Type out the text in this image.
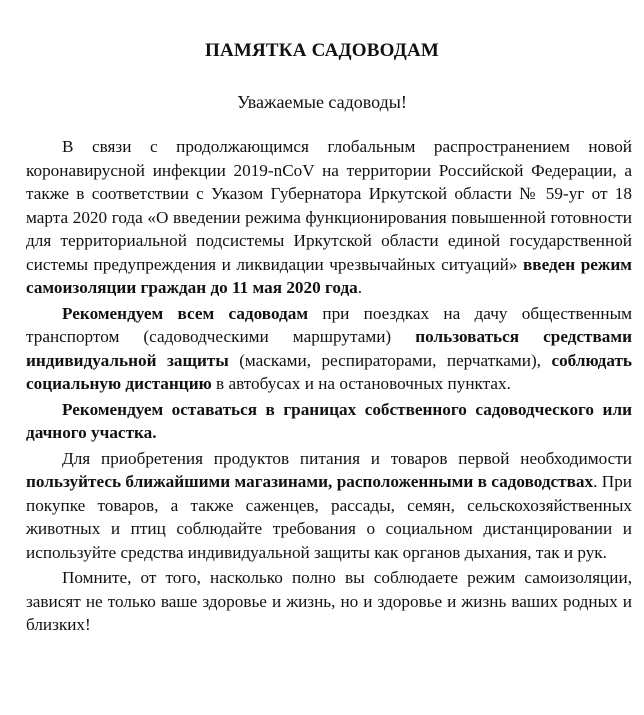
ПАМЯТКА САДОВОДАМ
Уважаемые садоводы!

В связи с продолжающимся глобальным распространением новой коронавирусной инфекции 2019-nCoV на территории Российской Федерации, а также в соответствии с Указом Губернатора Иркутской области № 59-уг от 18 марта 2020 года «О введении режима функционирования повышенной готовности для территориальной подсистемы Иркутской области единой государственной системы предупреждения и ликвидации чрезвычайных ситуаций» введен режим самоизоляции граждан до 11 мая 2020 года.

Рекомендуем всем садоводам при поездках на дачу общественным транспортом (садоводческими маршрутами) пользоваться средствами индивидуальной защиты (масками, респираторами, перчатками), соблюдать социальную дистанцию в автобусах и на остановочных пунктах.

Рекомендуем оставаться в границах собственного садоводческого или дачного участка.

Для приобретения продуктов питания и товаров первой необходимости пользуйтесь ближайшими магазинами, расположенными в садоводствах. При покупке товаров, а также саженцев, рассады, семян, сельскохозяйственных животных и птиц соблюдайте требования о социальном дистанцировании и используйте средства индивидуальной защиты как органов дыхания, так и рук.

Помните, от того, насколько полно вы соблюдаете режим самоизоляции, зависят не только ваше здоровье и жизнь, но и здоровье и жизнь ваших родных и близких!
